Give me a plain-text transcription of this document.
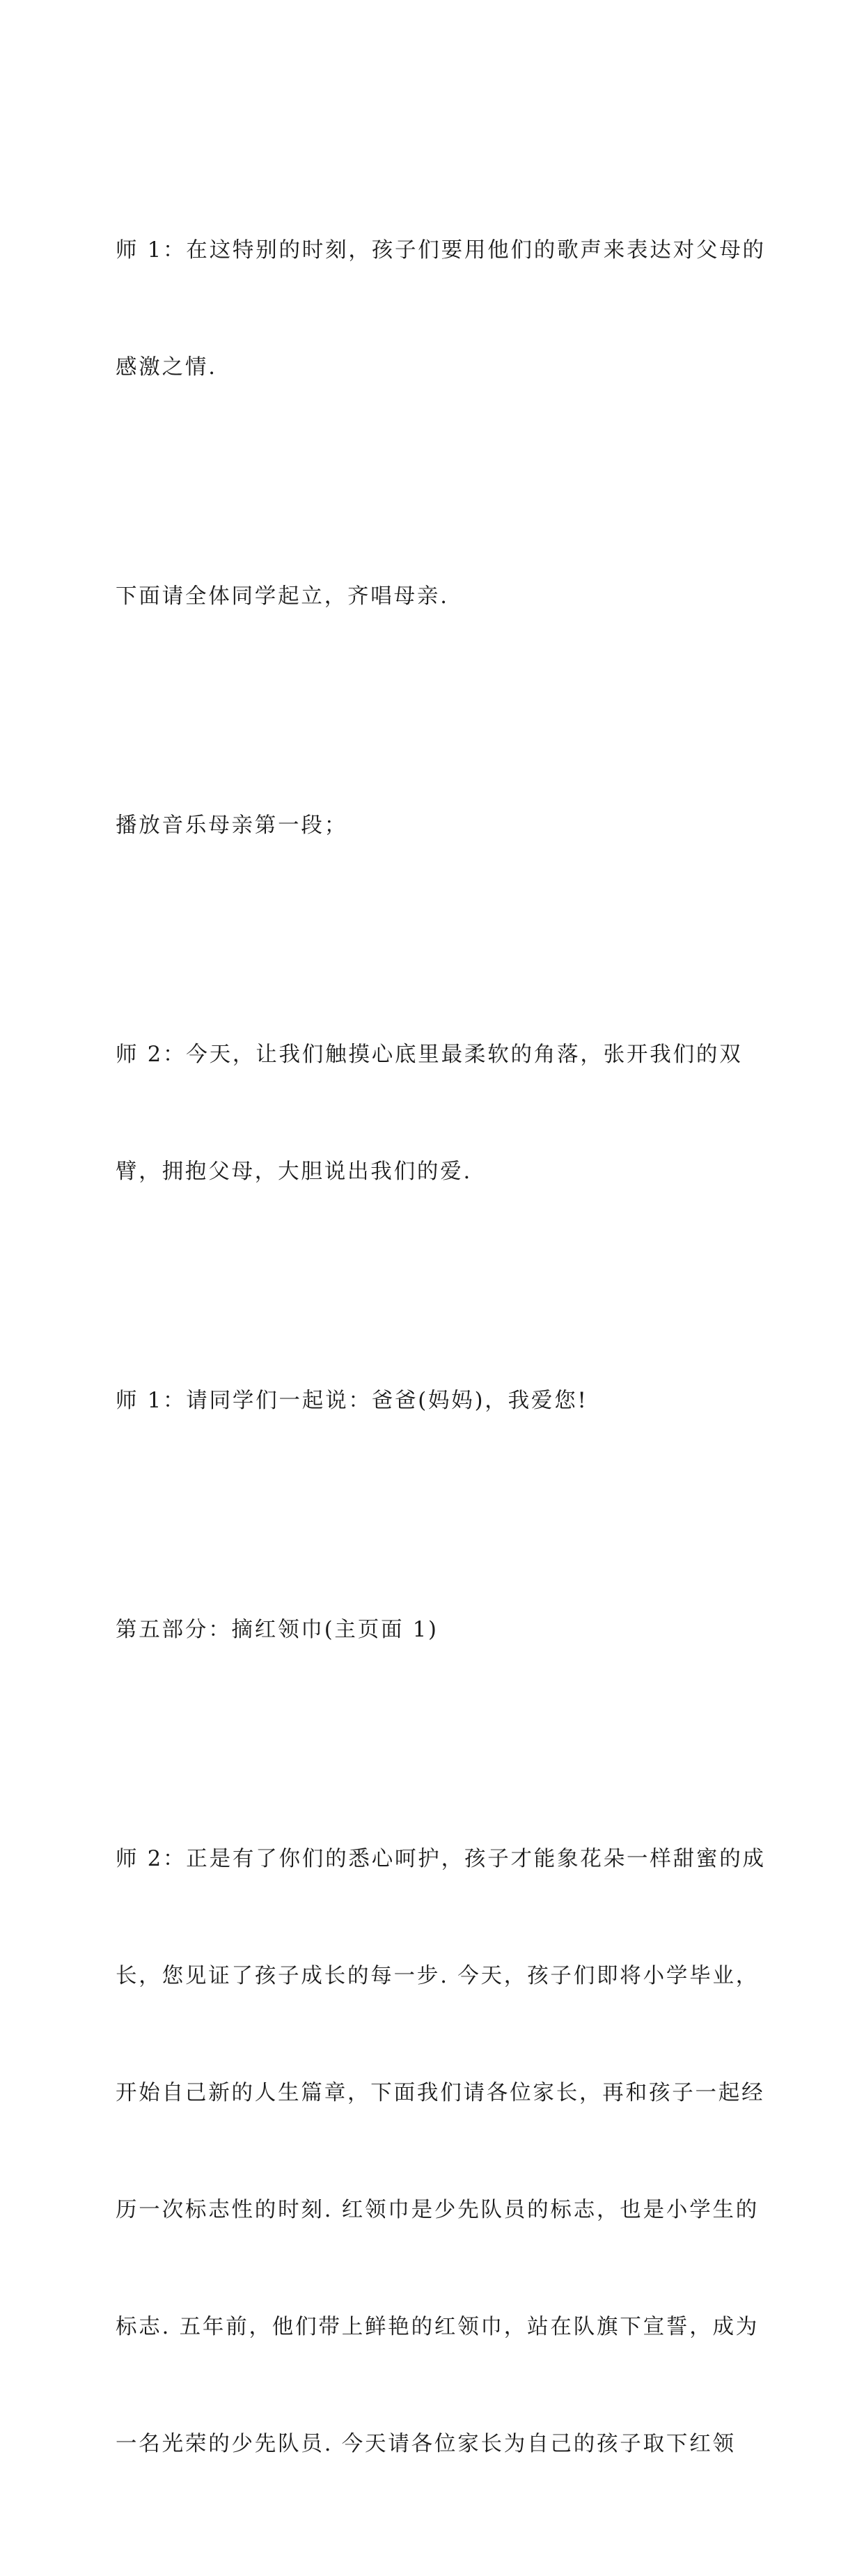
师 1：在这特别的时刻，孩子们要用他们的歌声来表达对父母的

感激之情.

下面请全体同学起立，齐唱母亲.

播放音乐母亲第一段；

师 2：今天，让我们触摸心底里最柔软的角落，张开我们的双

臂，拥抱父母，大胆说出我们的爱.

师 1：请同学们一起说：爸爸(妈妈)，我爱您!

第五部分：摘红领巾(主页面 1)

师 2：正是有了你们的悉心呵护，孩子才能象花朵一样甜蜜的成

长，您见证了孩子成长的每一步. 今天，孩子们即将小学毕业，

开始自己新的人生篇章，下面我们请各位家长，再和孩子一起经

历一次标志性的时刻. 红领巾是少先队员的标志，也是小学生的

标志. 五年前，他们带上鲜艳的红领巾，站在队旗下宣誓，成为

一名光荣的少先队员. 今天请各位家长为自己的孩子取下红领
